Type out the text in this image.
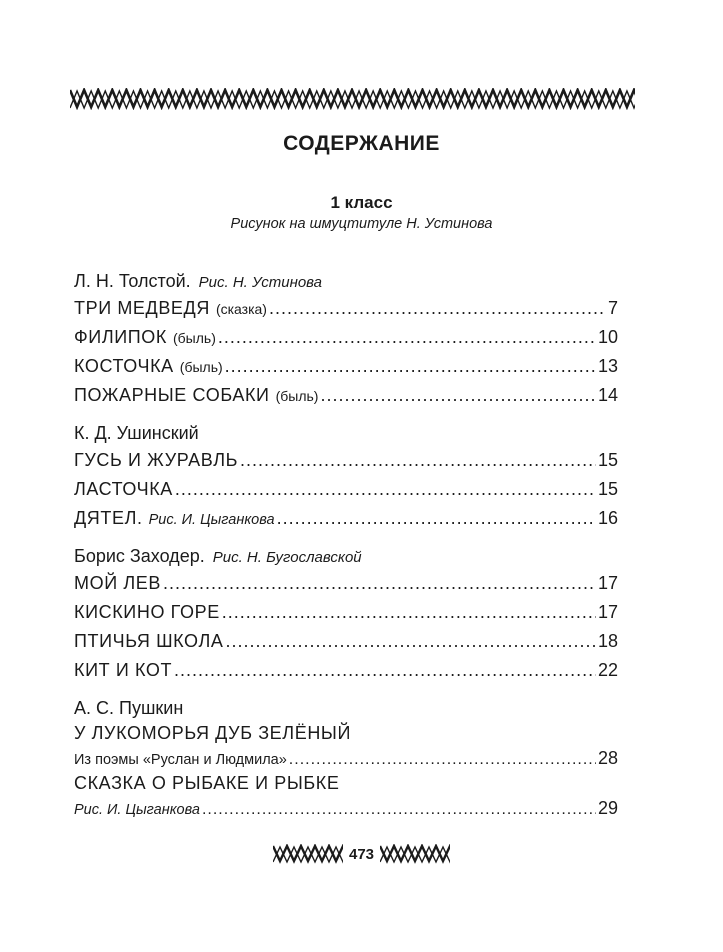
СОДЕРЖАНИЕ
1 класс
Рисунок на шмуцтитуле Н. Устинова
Л. Н. Толстой. Рис. Н. Устинова
ТРИ МЕДВЕДЯ (сказка) .....	7
ФИЛИПОК (быль) .....	10
КОСТОЧКА (быль) .....	13
ПОЖАРНЫЕ СОБАКИ (быль) .....	14
К. Д. Ушинский
ГУСЬ И ЖУРАВЛЬ .....	15
ЛАСТОЧКА .....	15
ДЯТЕЛ. Рис. И. Цыганкова .....	16
Борис Заходер. Рис. Н. Бугославской
МОЙ ЛЕВ .....	17
КИСКИНО ГОРЕ .....	17
ПТИЧЬЯ ШКОЛА .....	18
КИТ И КОТ .....	22
А. С. Пушкин
У ЛУКОМОРЬЯ ДУБ ЗЕЛЁНЫЙ
Из поэмы «Руслан и Людмила» .....	28
СКАЗКА О РЫБАКЕ И РЫБКЕ
Рис. И. Цыганкова .....	29
473
